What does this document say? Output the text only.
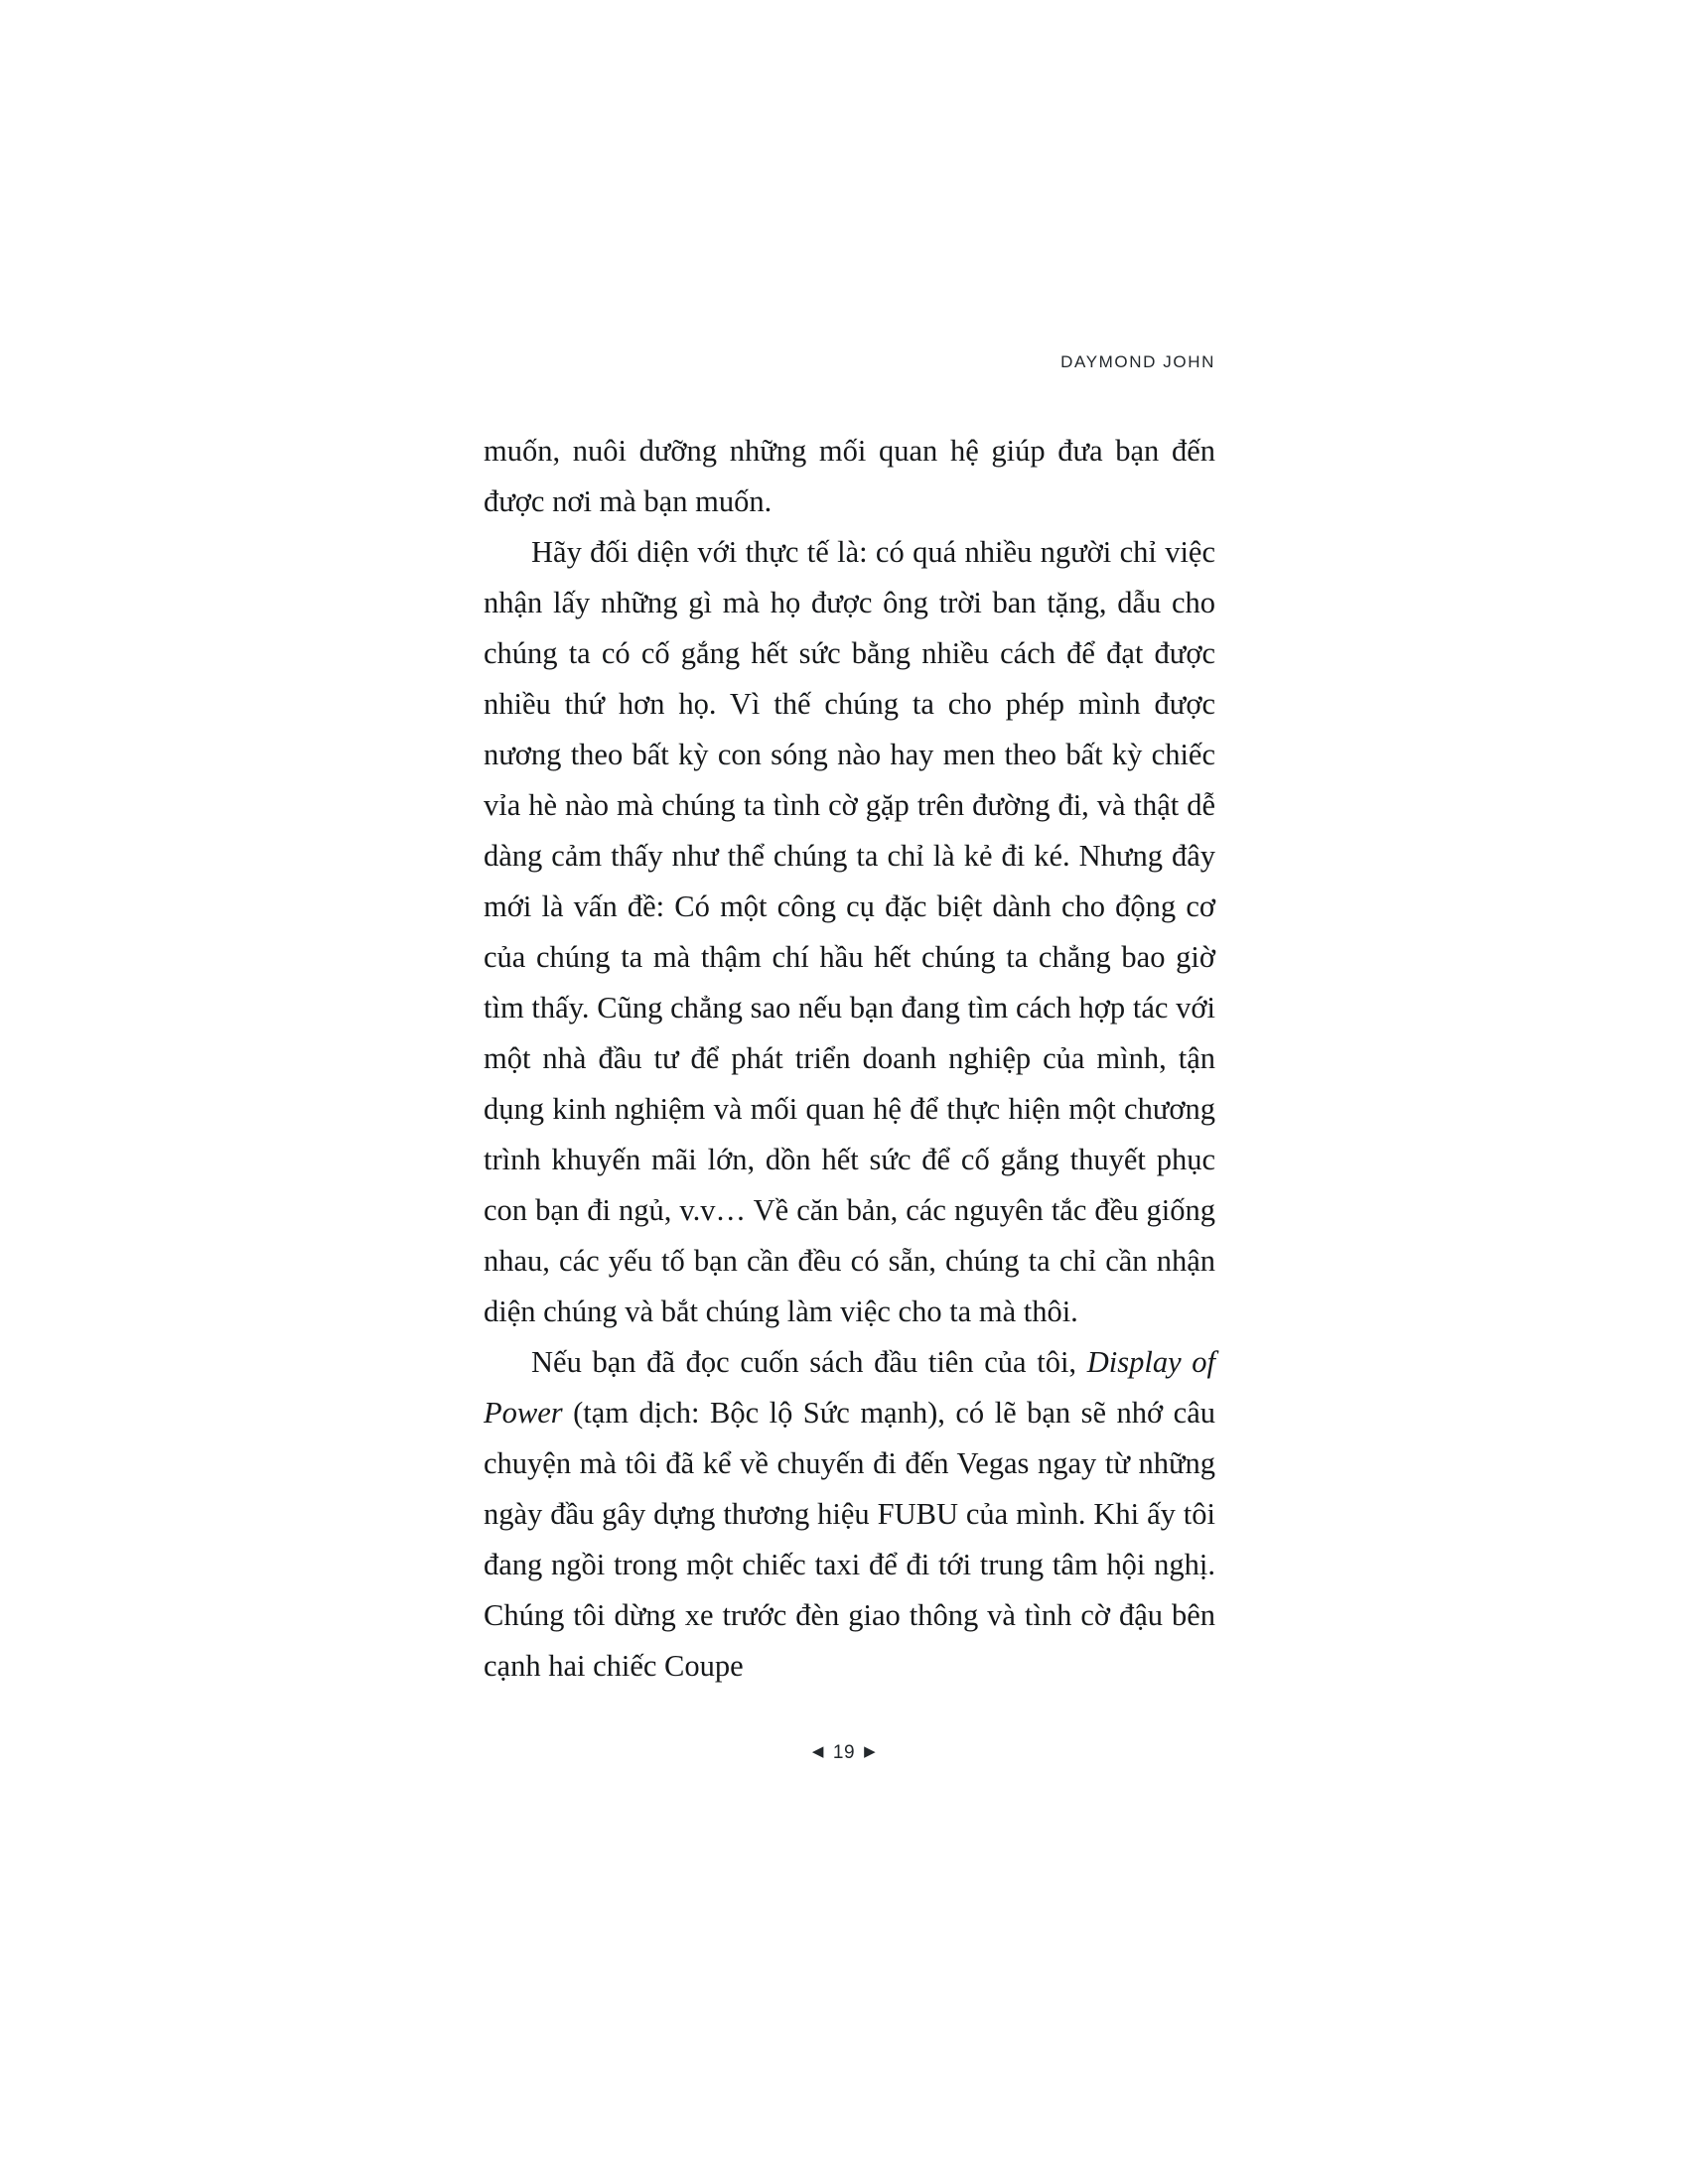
DAYMOND JOHN

muốn, nuôi dưỡng những mối quan hệ giúp đưa bạn đến được nơi mà bạn muốn.

Hãy đối diện với thực tế là: có quá nhiều người chỉ việc nhận lấy những gì mà họ được ông trời ban tặng, dẫu cho chúng ta có cố gắng hết sức bằng nhiều cách để đạt được nhiều thứ hơn họ. Vì thế chúng ta cho phép mình được nương theo bất kỳ con sóng nào hay men theo bất kỳ chiếc vỉa hè nào mà chúng ta tình cờ gặp trên đường đi, và thật dễ dàng cảm thấy như thể chúng ta chỉ là kẻ đi ké. Nhưng đây mới là vấn đề: Có một công cụ đặc biệt dành cho động cơ của chúng ta mà thậm chí hầu hết chúng ta chẳng bao giờ tìm thấy. Cũng chẳng sao nếu bạn đang tìm cách hợp tác với một nhà đầu tư để phát triển doanh nghiệp của mình, tận dụng kinh nghiệm và mối quan hệ để thực hiện một chương trình khuyến mãi lớn, dồn hết sức để cố gắng thuyết phục con bạn đi ngủ, v.v… Về căn bản, các nguyên tắc đều giống nhau, các yếu tố bạn cần đều có sẵn, chúng ta chỉ cần nhận diện chúng và bắt chúng làm việc cho ta mà thôi.

Nếu bạn đã đọc cuốn sách đầu tiên của tôi, Display of Power (tạm dịch: Bộc lộ Sức mạnh), có lẽ bạn sẽ nhớ câu chuyện mà tôi đã kể về chuyến đi đến Vegas ngay từ những ngày đầu gây dựng thương hiệu FUBU của mình. Khi ấy tôi đang ngồi trong một chiếc taxi để đi tới trung tâm hội nghị. Chúng tôi dừng xe trước đèn giao thông và tình cờ đậu bên cạnh hai chiếc Coupe

◀ 19 ▶
